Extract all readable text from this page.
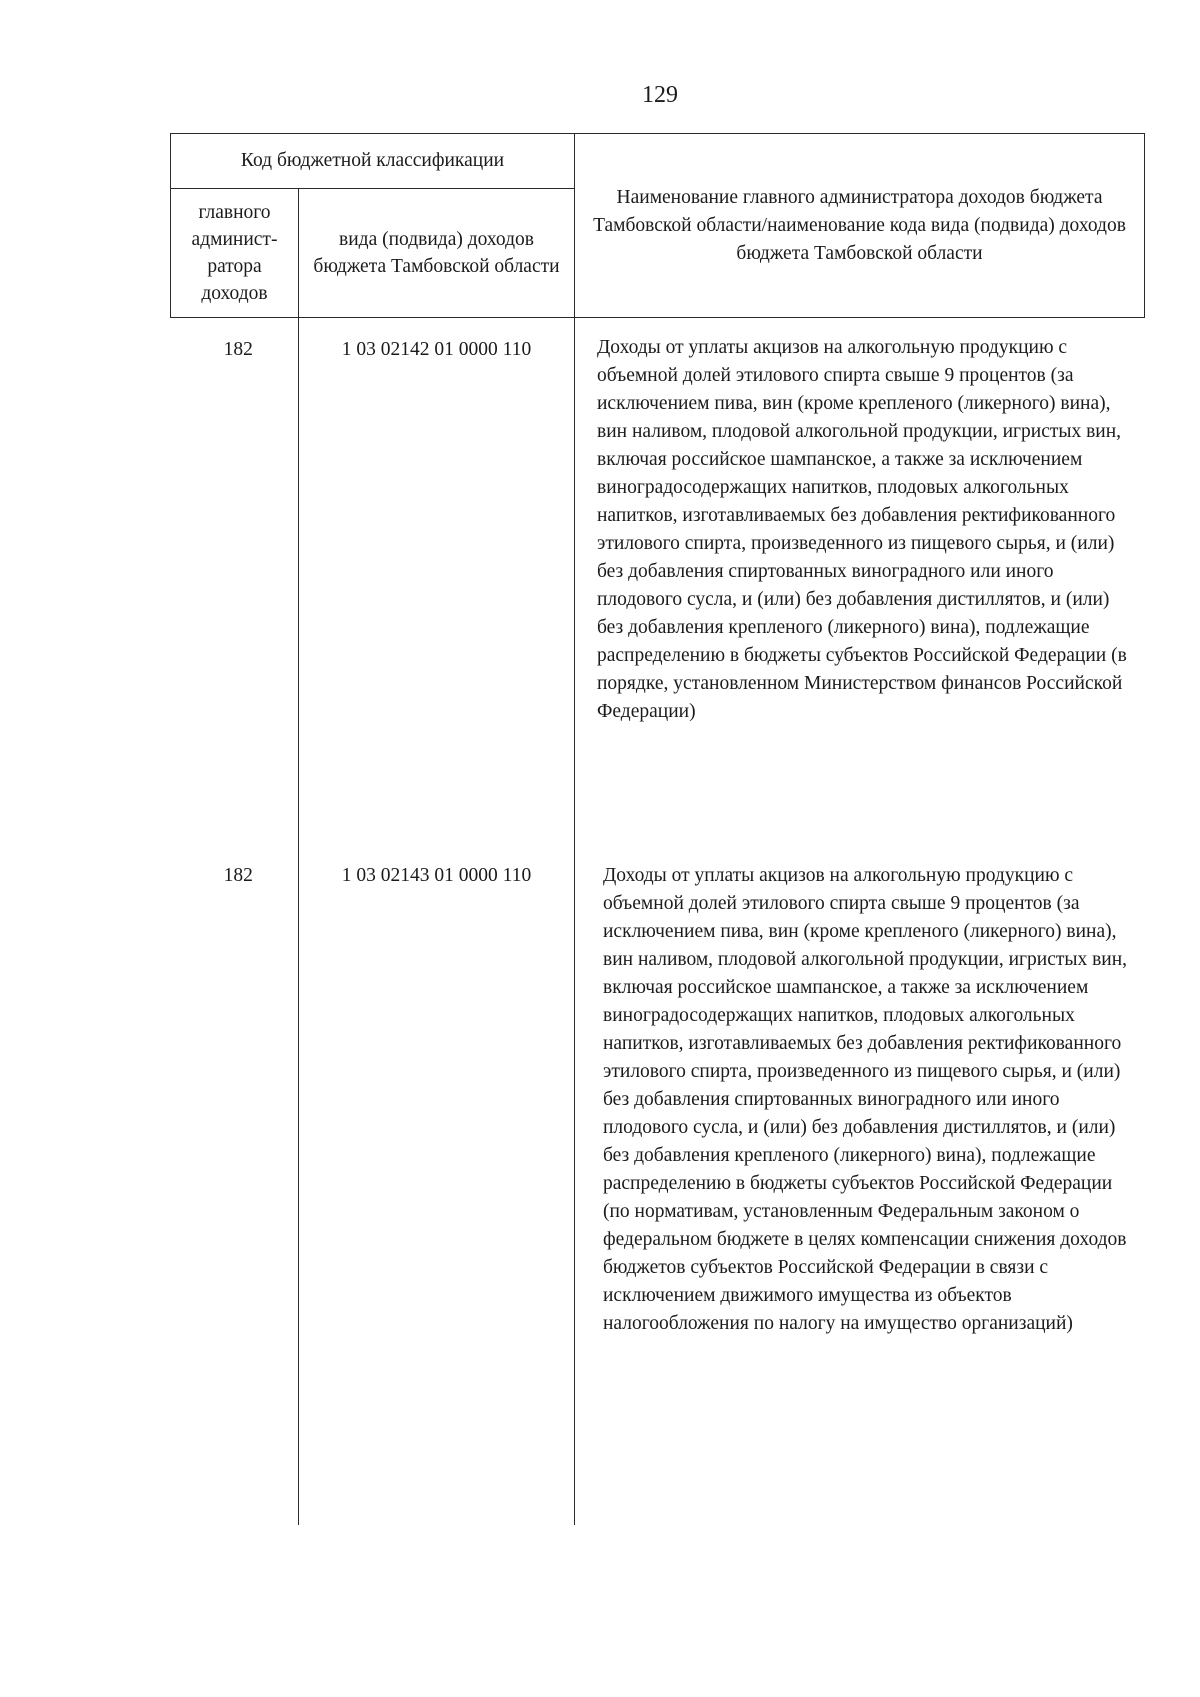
129
Код бюджетной классификации		Наименование главного администратора доходов бюджета Тамбовской области/наименование кода вида (подвида) доходов бюджета Тамбовской области
главного админист-ратора доходов	вида (подвида) доходов бюджета Тамбовской области	
182	1 03 02142 01 0000 110	Доходы от уплаты акцизов на алкогольную продукцию с объемной долей этилового спирта свыше 9 процентов (за исключением пива, вин (кроме крепленого (ликерного) вина), вин наливом, плодовой алкогольной продукции, игристых вин, включая российское шампанское, а также за исключением виноградосодержащих напитков, плодовых алкогольных напитков, изготавливаемых без добавления ректификованного этилового спирта, произведенного из пищевого сырья, и (или) без добавления спиртованных виноградного или иного плодового сусла, и (или) без добавления дистиллятов, и (или) без добавления крепленого (ликерного) вина), подлежащие распределению в бюджеты субъектов Российской Федерации (в порядке, установленном Министерством финансов Российской Федерации)
182	1 03 02143 01 0000 110	Доходы от уплаты акцизов на алкогольную продукцию с объемной долей этилового спирта свыше 9 процентов (за исключением пива, вин (кроме крепленого (ликерного) вина), вин наливом, плодовой алкогольной продукции, игристых вин, включая российское шампанское, а также за исключением виноградосодержащих напитков, плодовых алкогольных напитков, изготавливаемых без добавления ректификованного этилового спирта, произведенного из пищевого сырья, и (или) без добавления спиртованных виноградного или иного плодового сусла, и (или) без добавления дистиллятов, и (или) без добавления крепленого (ликерного) вина), подлежащие распределению в бюджеты субъектов Российской Федерации (по нормативам, установленным Федеральным законом о федеральном бюджете в целях компенсации снижения доходов бюджетов субъектов Российской Федерации в связи с исключением движимого имущества из объектов налогообложения по налогу на имущество организаций)
